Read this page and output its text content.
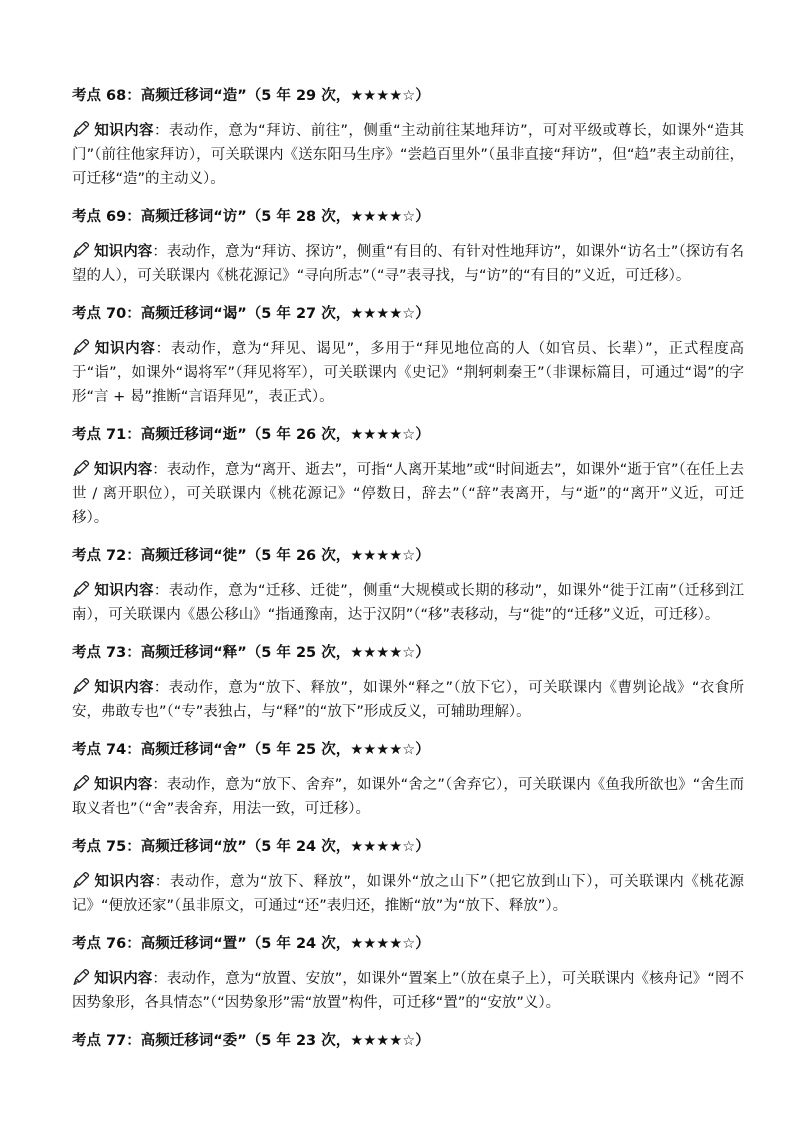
考点 68：高频迁移词“造”（5 年 29 次，★★★★☆）
知识内容：表动作，意为“拜访、前往”，侧重“主动前往某地拜访”，可对平级或尊长，如课外“造其门”（前往他家拜访），可关联课内《送东阳马生序》“尝趋百里外”（虽非直接“拜访”，但“趋”表主动前往，可迁移“造”的主动义）。
考点 69：高频迁移词“访”（5 年 28 次，★★★★☆）
知识内容：表动作，意为“拜访、探访”，侧重“有目的、有针对性地拜访”，如课外“访名士”（探访有名望的人），可关联课内《桃花源记》“寻向所志”（“寻”表寻找，与“访”的“有目的”义近，可迁移）。
考点 70：高频迁移词“谒”（5 年 27 次，★★★★☆）
知识内容：表动作，意为“拜见、谒见”，多用于“拜见地位高的人（如官员、长辈）”，正式程度高于“诣”，如课外“谒将军”（拜见将军），可关联课内《史记》“荆轲刺秦王”（非课标篇目，可通过“谒”的字形“言 + 曷”推断“言语拜见”，表正式）。
考点 71：高频迁移词“逝”（5 年 26 次，★★★★☆）
知识内容：表动作，意为“离开、逝去”，可指“人离开某地”或“时间逝去”，如课外“逝于官”（在任上去世 / 离开职位），可关联课内《桃花源记》“停数日，辞去”（“辞”表离开，与“逝”的“离开”义近，可迁移）。
考点 72：高频迁移词“徙”（5 年 26 次，★★★★☆）
知识内容：表动作，意为“迁移、迁徙”，侧重“大规模或长期的移动”，如课外“徙于江南”（迁移到江南），可关联课内《愚公移山》“指通豫南，达于汉阴”（“移”表移动，与“徙”的“迁移”义近，可迁移）。
考点 73：高频迁移词“释”（5 年 25 次，★★★★☆）
知识内容：表动作，意为“放下、释放”，如课外“释之”（放下它），可关联课内《曹刿论战》“衣食所安，弗敢专也”（“专”表独占，与“释”的“放下”形成反义，可辅助理解）。
考点 74：高频迁移词“舍”（5 年 25 次，★★★★☆）
知识内容：表动作，意为“放下、舍弃”，如课外“舍之”（舍弃它），可关联课内《鱼我所欲也》“舍生而取义者也”（“舍”表舍弃，用法一致，可迁移）。
考点 75：高频迁移词“放”（5 年 24 次，★★★★☆）
知识内容：表动作，意为“放下、释放”，如课外“放之山下”（把它放到山下），可关联课内《桃花源记》“便放还家”（虽非原文，可通过“还”表归还，推断“放”为“放下、释放”）。
考点 76：高频迁移词“置”（5 年 24 次，★★★★☆）
知识内容：表动作，意为“放置、安放”，如课外“置案上”（放在桌子上），可关联课内《核舟记》“罔不因势象形，各具情态”（“因势象形”需“放置”构件，可迁移“置”的“安放”义）。
考点 77：高频迁移词“委”（5 年 23 次，★★★★☆）
